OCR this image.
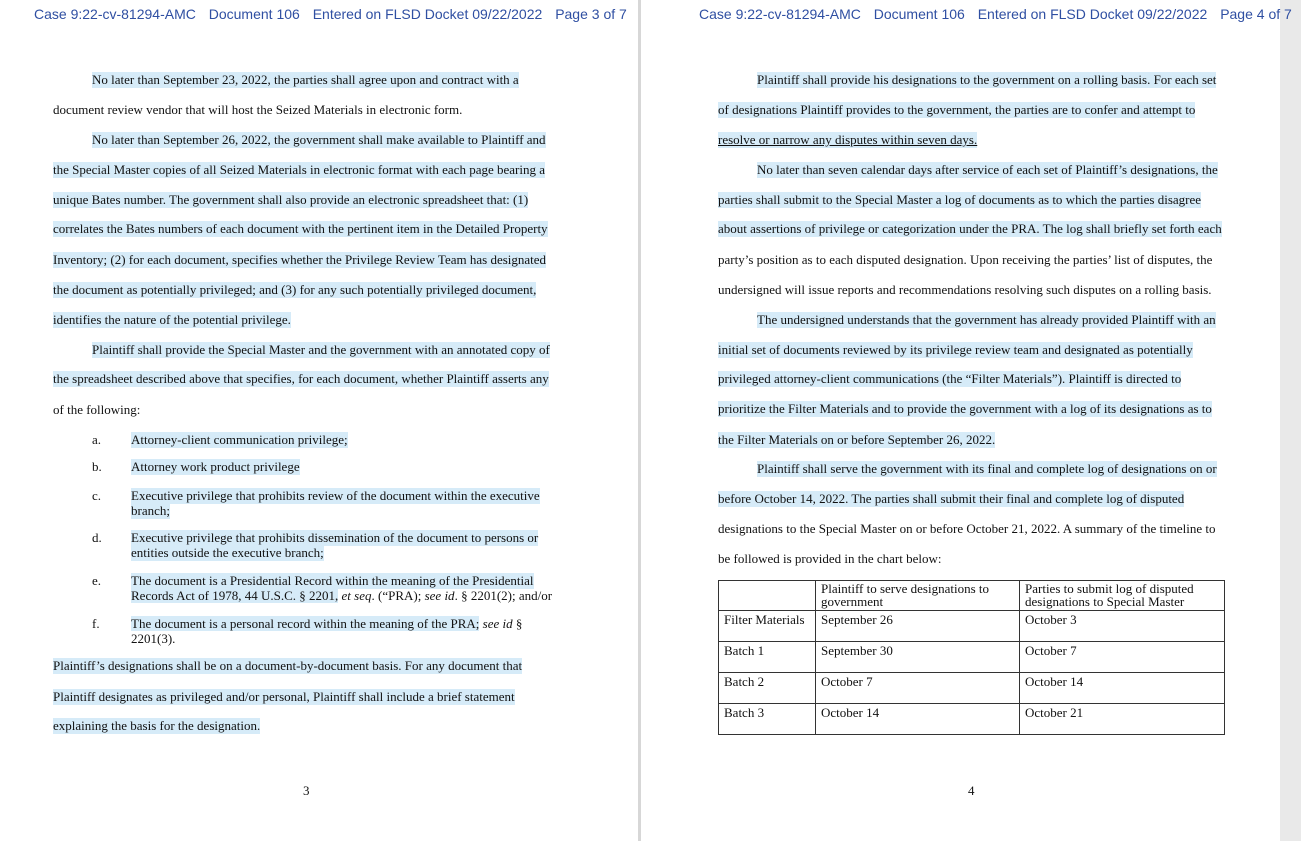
Case 9:22-cv-81294-AMC Document 106 Entered on FLSD Docket 09/22/2022 Page 3 of 7
No later than September 23, 2022, the parties shall agree upon and contract with a
document review vendor that will host the Seized Materials in electronic form.
No later than September 26, 2022, the government shall make available to Plaintiff and
the Special Master copies of all Seized Materials in electronic format with each page bearing a
unique Bates number. The government shall also provide an electronic spreadsheet that: (1)
correlates the Bates numbers of each document with the pertinent item in the Detailed Property
Inventory; (2) for each document, specifies whether the Privilege Review Team has designated
the document as potentially privileged; and (3) for any such potentially privileged document,
identifies the nature of the potential privilege.
Plaintiff shall provide the Special Master and the government with an annotated copy of
the spreadsheet described above that specifies, for each document, whether Plaintiff asserts any
of the following:
a. Attorney-client communication privilege;
b. Attorney work product privilege
c. Executive privilege that prohibits review of the document within the executive
branch;
d. Executive privilege that prohibits dissemination of the document to persons or
entities outside the executive branch;
e. The document is a Presidential Record within the meaning of the Presidential
Records Act of 1978, 44 U.S.C. § 2201, et seq. (“PRA); see id. § 2201(2); and/or
f. The document is a personal record within the meaning of the PRA; see id §
2201(3).
Plaintiff’s designations shall be on a document-by-document basis. For any document that
Plaintiff designates as privileged and/or personal, Plaintiff shall include a brief statement
explaining the basis for the designation.
3
Case 9:22-cv-81294-AMC Document 106 Entered on FLSD Docket 09/22/2022 Page 4 of 7
Plaintiff shall provide his designations to the government on a rolling basis. For each set
of designations Plaintiff provides to the government, the parties are to confer and attempt to
resolve or narrow any disputes within seven days.
No later than seven calendar days after service of each set of Plaintiff’s designations, the
parties shall submit to the Special Master a log of documents as to which the parties disagree
about assertions of privilege or categorization under the PRA. The log shall briefly set forth each
party’s position as to each disputed designation. Upon receiving the parties’ list of disputes, the
undersigned will issue reports and recommendations resolving such disputes on a rolling basis.
The undersigned understands that the government has already provided Plaintiff with an
initial set of documents reviewed by its privilege review team and designated as potentially
privileged attorney-client communications (the “Filter Materials”). Plaintiff is directed to
prioritize the Filter Materials and to provide the government with a log of its designations as to
the Filter Materials on or before September 26, 2022.
Plaintiff shall serve the government with its final and complete log of designations on or
before October 14, 2022. The parties shall submit their final and complete log of disputed
designations to the Special Master on or before October 21, 2022. A summary of the timeline to
be followed is provided in the chart below:
	Plaintiff to serve designations to government	Parties to submit log of disputed designations to Special Master
Filter Materials	September 26	October 3
Batch 1	September 30	October 7
Batch 2	October 7	October 14
Batch 3	October 14	October 21
4
